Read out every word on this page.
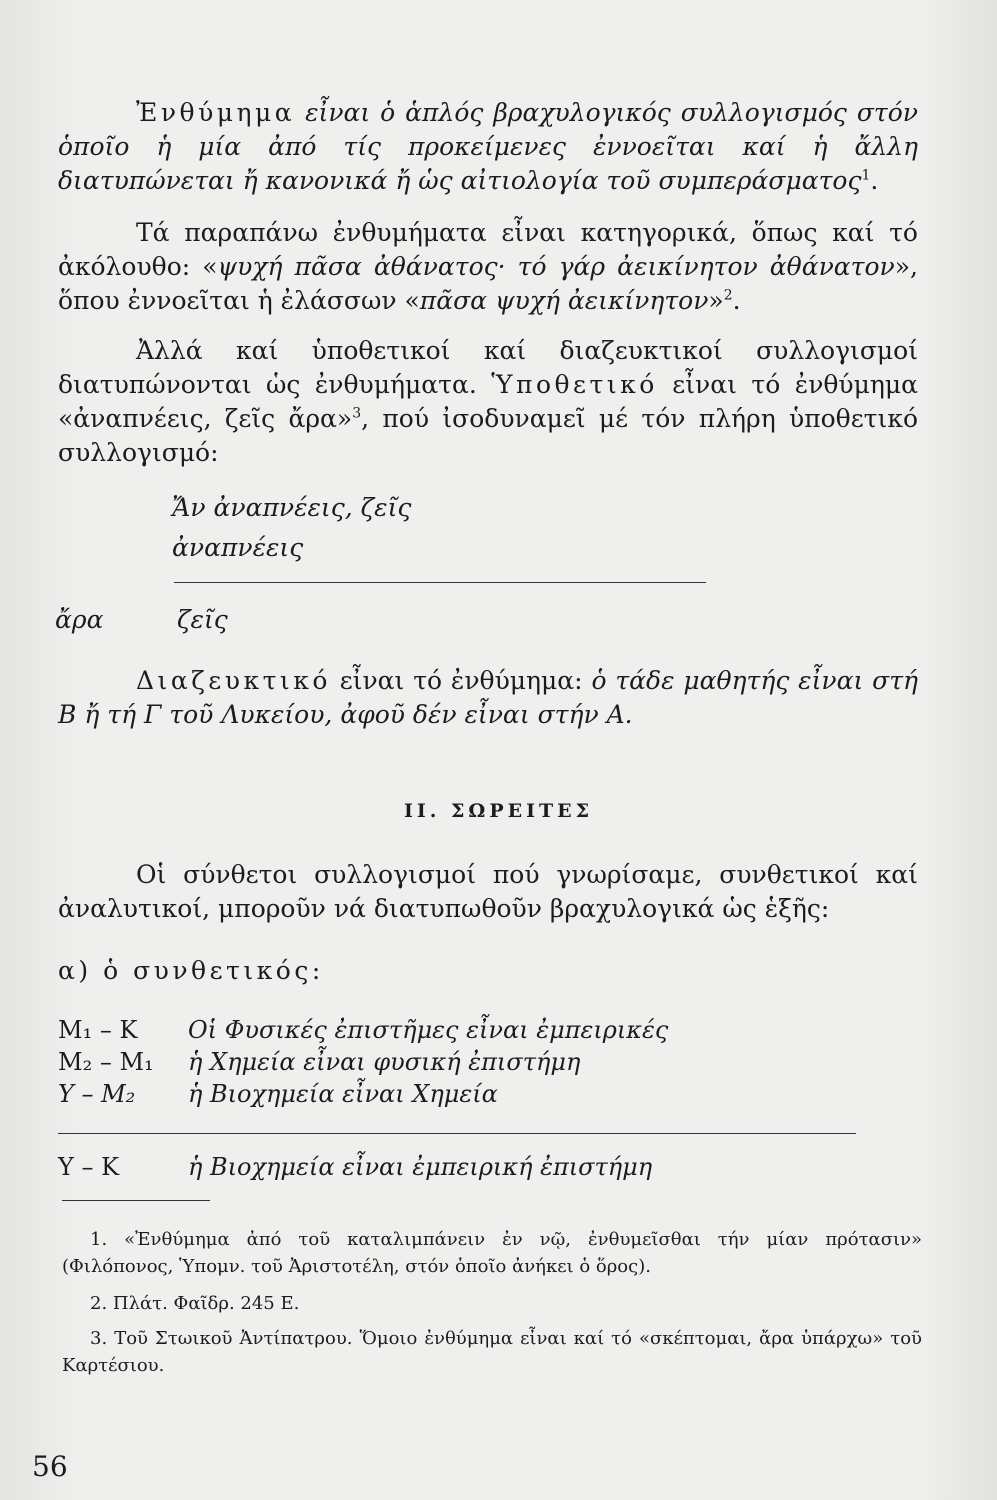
Ἐνθύμημα εἶναι ὁ ἁπλός βραχυλογικός συλλογισμός στόν ὁποῖο ἡ μία ἀπό τίς προκείμενες ἐννοεῖται καί ἡ ἄλλη διατυπώνεται ἤ κανονικά ἤ ὡς αἰτιολογία τοῦ συμπεράσματος$^1$.

Τά παραπάνω ἐνθυμήματα εἶναι κατηγορικά, ὅπως καί τό ἀκόλουθο: «ψυχή πᾶσα ἀθάνατος· τό γάρ ἀεικίνητον ἀθάνατον», ὅπου ἐννοεῖται ἡ ἐλάσσων «πᾶσα ψυχή ἀεικίνητον»$^2$.

Ἀλλά καί ὑποθετικοί καί διαζευκτικοί συλλογισμοί διατυπώνονται ὡς ἐνθυμήματα. Ὑποθετικό εἶναι τό ἐνθύμημα «ἀναπνέεις, ζεῖς ἄρα»$^3$, πού ἰσοδυναμεῖ μέ τόν πλήρη ὑποθετικό συλλογισμό:

Ἄν ἀναπνέεις, ζεῖς
ἀναπνέεις
ἄρα	ζεῖς

Διαζευκτικό εἶναι τό ἐνθύμημα: ὁ τάδε μαθητής εἶναι στή Β ἤ τή Γ τοῦ Λυκείου, ἀφοῦ δέν εἶναι στήν Α.

ΙΙ. ΣΩΡΕΙΤΕΣ

Οἱ σύνθετοι συλλογισμοί πού γνωρίσαμε, συνθετικοί καί ἀναλυτικοί, μποροῦν νά διατυπωθοῦν βραχυλογικά ὡς ἑξῆς:

α) ὁ συνθετικός:
M₁ – K Οἱ Φυσικές ἐπιστῆμες εἶναι ἐμπειρικές
M₂ – M₁ ἡ Χημεία εἶναι φυσική ἐπιστήμη
Y – M₂ ἡ Βιοχημεία εἶναι Χημεία
Y – K	ἡ Βιοχημεία εἶναι ἐμπειρική ἐπιστήμη
1. «Ἐνθύμημα ἀπό τοῦ καταλιμπάνειν ἐν νῷ, ἐνθυμεῖσθαι τήν μίαν πρότασιν» (Φιλόπονος, Ὑπομν. τοῦ Ἀριστοτέλη, στόν ὁποῖο ἀνήκει ὁ ὅρος).
2. Πλάτ. Φαῖδρ. 245 Ε.
3. Τοῦ Στωικοῦ Ἀντίπατρου. Ὅμοιο ἐνθύμημα εἶναι καί τό «σκέπτομαι, ἄρα ὑπάρχω» τοῦ Καρτέσιου.
56
